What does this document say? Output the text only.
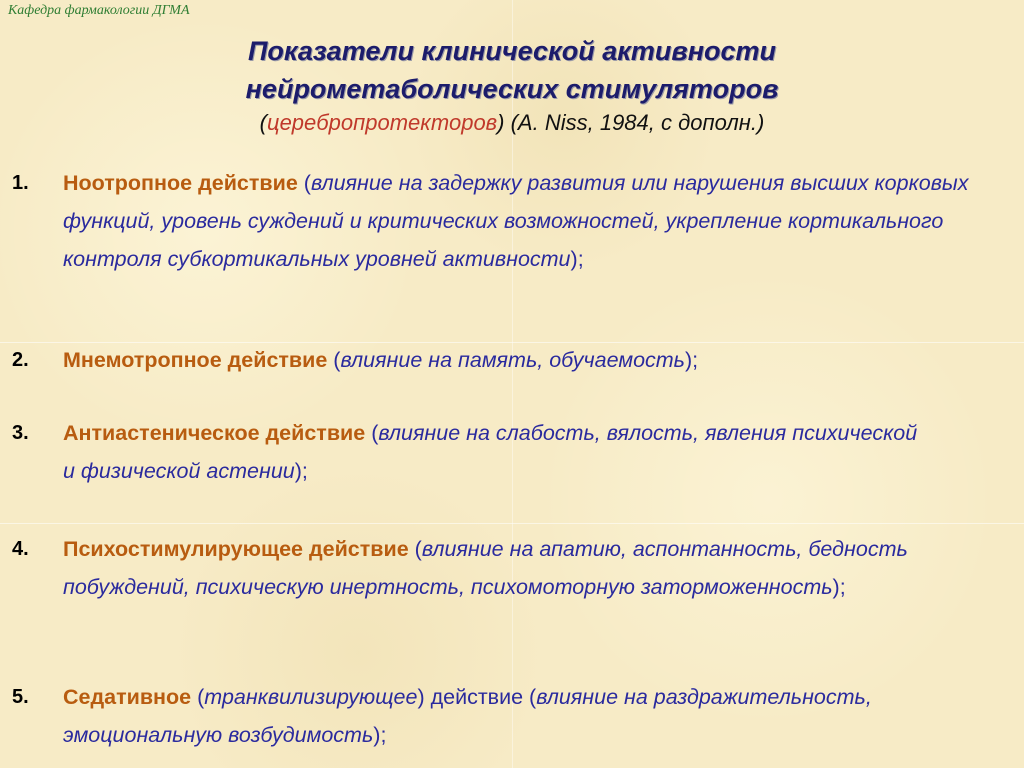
Кафедра фармакологии ДГМА
Показатели клинической активности
нейрометаболических стимуляторов
(церебропротекторов) (А. Niss, 1984, с дополн.)
1. Ноотропное действие (влияние на задержку развития или нарушения высших корковых функций, уровень суждений и критических возможностей, укрепление кортикального контроля субкортикальных уровней активности);
2. Мнемотропное действие (влияние на память, обучаемость);
3. Антиастеническое действие (влияние на слабость, вялость, явления психической и физической астении);
4. Психостимулирующее действие (влияние на апатию, аспонтанность, бедность побуждений, психическую инертность, психомоторную заторможенность);
5. Седативное (транквилизирующее) действие (влияние на раздражительность, эмоциональную возбудимость);
